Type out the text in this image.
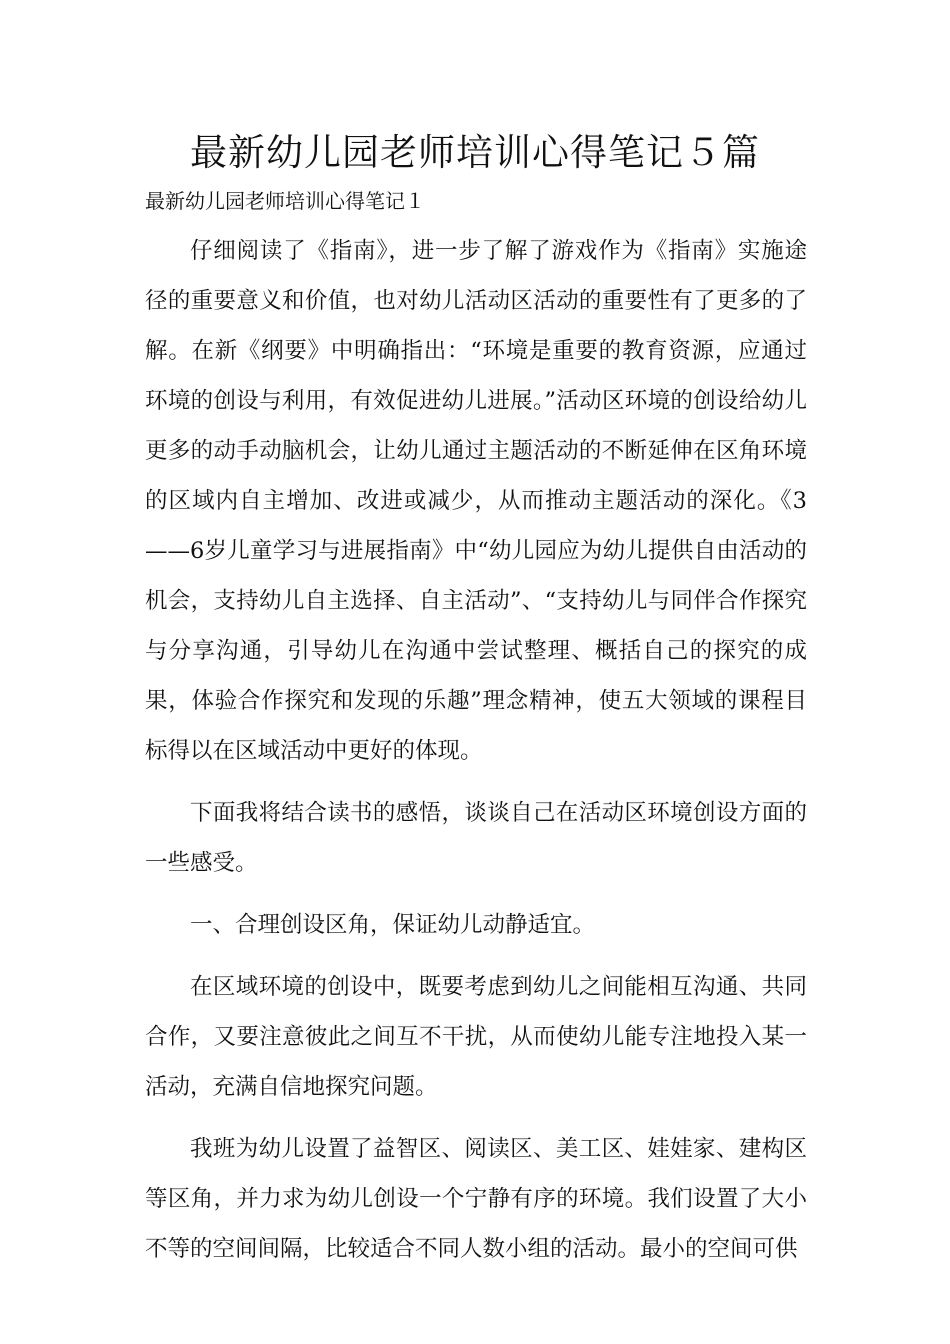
最新幼儿园老师培训心得笔记５篇
最新幼儿园老师培训心得笔记１

仔细阅读了《指南》，进一步了解了游戏作为《指南》实施途径的重要意义和价值，也对幼儿活动区活动的重要性有了更多的了解。在新《纲要》中明确指出：“环境是重要的教育资源，应通过环境的创设与利用，有效促进幼儿进展。”活动区环境的创设给幼儿更多的动手动脑机会，让幼儿通过主题活动的不断延伸在区角环境的区域内自主增加、改进或减少，从而推动主题活动的深化。《3——6岁儿童学习与进展指南》中“幼儿园应为幼儿提供自由活动的机会，支持幼儿自主选择、自主活动”、“支持幼儿与同伴合作探究与分享沟通，引导幼儿在沟通中尝试整理、概括自己的探究的成果，体验合作探究和发现的乐趣”理念精神，使五大领域的课程目标得以在区域活动中更好的体现。

下面我将结合读书的感悟，谈谈自己在活动区环境创设方面的一些感受。

一、合理创设区角，保证幼儿动静适宜。

在区域环境的创设中，既要考虑到幼儿之间能相互沟通、共同合作，又要注意彼此之间互不干扰，从而使幼儿能专注地投入某一活动，充满自信地探究问题。

我班为幼儿设置了益智区、阅读区、美工区、娃娃家、建构区等区角，并力求为幼儿创设一个宁静有序的环境。我们设置了大小不等的空间间隔，比较适合不同人数小组的活动。最小的空间可供
